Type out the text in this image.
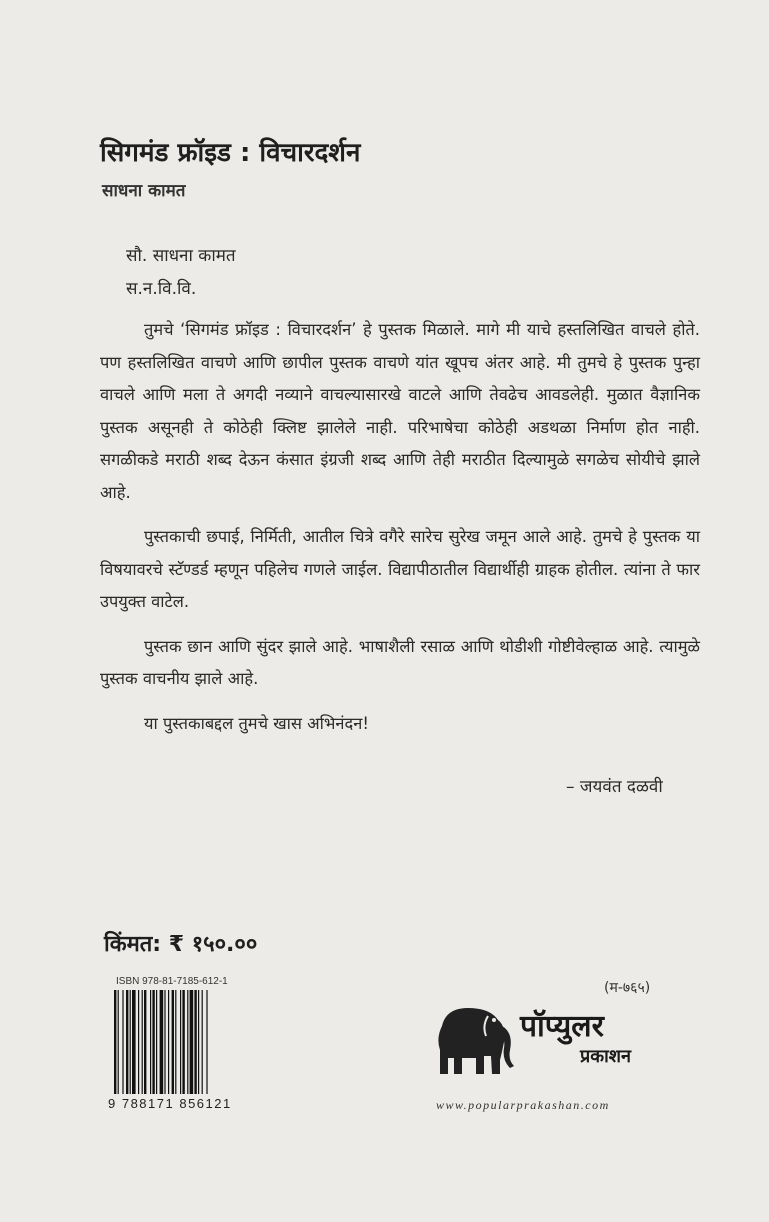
सिगमंड फ्रॉइड : विचारदर्शन
साधना कामत
सौ. साधना कामत
स.न.वि.वि.

तुमचे ‘सिगमंड फ्रॉइड : विचारदर्शन’ हे पुस्तक मिळाले. मागे मी याचे हस्तलिखित वाचले होते. पण हस्तलिखित वाचणे आणि छापील पुस्तक वाचणे यांत खूपच अंतर आहे. मी तुमचे हे पुस्तक पुन्हा वाचले आणि मला ते अगदी नव्याने वाचल्यासारखे वाटले आणि तेवढेच आवडलेही. मुळात वैज्ञानिक पुस्तक असूनही ते कोठेही क्लिष्ट झालेले नाही. परिभाषेचा कोठेही अडथळा निर्माण होत नाही. सगळीकडे मराठी शब्द देऊन कंसात इंग्रजी शब्द आणि तेही मराठीत दिल्यामुळे सगळेच सोयीचे झाले आहे.

पुस्तकाची छपाई, निर्मिती, आतील चित्रे वगैरे सारेच सुरेख जमून आले आहे. तुमचे हे पुस्तक या विषयावरचे स्टॅण्डर्ड म्हणून पहिलेच गणले जाईल. विद्यापीठातील विद्यार्थीही ग्राहक होतील. त्यांना ते फार उपयुक्त वाटेल.

पुस्तक छान आणि सुंदर झाले आहे. भाषाशैली रसाळ आणि थोडीशी गोष्टीवेल्हाळ आहे. त्यामुळे पुस्तक वाचनीय झाले आहे.

या पुस्तकाबद्दल तुमचे खास अभिनंदन!

– जयवंत दळवी
किंमत: ₹ १५०.००
ISBN 978-81-7185-612-1
9 788171 856121
(म-७६५)
पॉप्युलर
प्रकाशन
www.popularprakashan.com
